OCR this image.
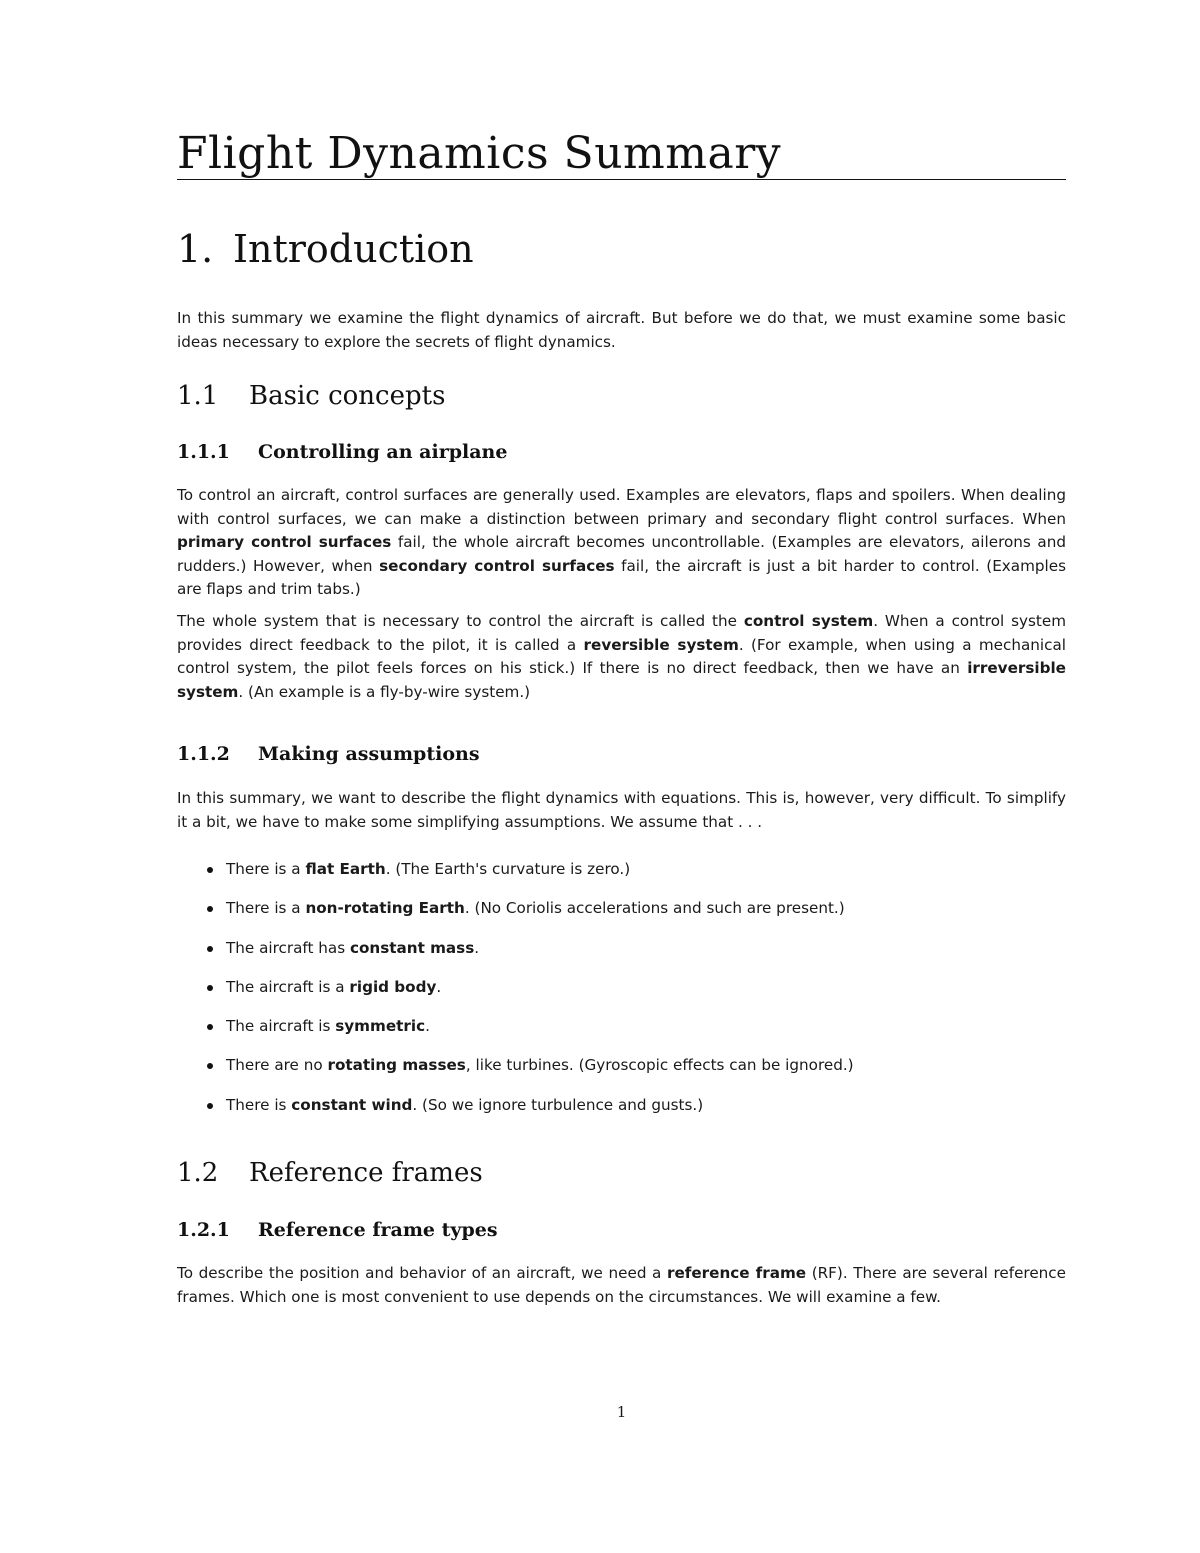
Flight Dynamics Summary
1. Introduction

In this summary we examine the flight dynamics of aircraft. But before we do that, we must examine some basic ideas necessary to explore the secrets of flight dynamics.

1.1 Basic concepts
1.1.1 Controlling an airplane

To control an aircraft, control surfaces are generally used. Examples are elevators, flaps and spoilers. When dealing with control surfaces, we can make a distinction between primary and secondary flight control surfaces. When primary control surfaces fail, the whole aircraft becomes uncontrollable. (Examples are elevators, ailerons and rudders.) However, when secondary control surfaces fail, the aircraft is just a bit harder to control. (Examples are flaps and trim tabs.)

The whole system that is necessary to control the aircraft is called the control system. When a control system provides direct feedback to the pilot, it is called a reversible system. (For example, when using a mechanical control system, the pilot feels forces on his stick.) If there is no direct feedback, then we have an irreversible system. (An example is a fly-by-wire system.)

1.1.2 Making assumptions

In this summary, we want to describe the flight dynamics with equations. This is, however, very difficult. To simplify it a bit, we have to make some simplifying assumptions. We assume that . . .

There is a flat Earth. (The Earth's curvature is zero.)
There is a non-rotating Earth. (No Coriolis accelerations and such are present.)
The aircraft has constant mass.
The aircraft is a rigid body.
The aircraft is symmetric.
There are no rotating masses, like turbines. (Gyroscopic effects can be ignored.)
There is constant wind. (So we ignore turbulence and gusts.)
1.2 Reference frames
1.2.1 Reference frame types

To describe the position and behavior of an aircraft, we need a reference frame (RF). There are several reference frames. Which one is most convenient to use depends on the circumstances. We will examine a few.

1
